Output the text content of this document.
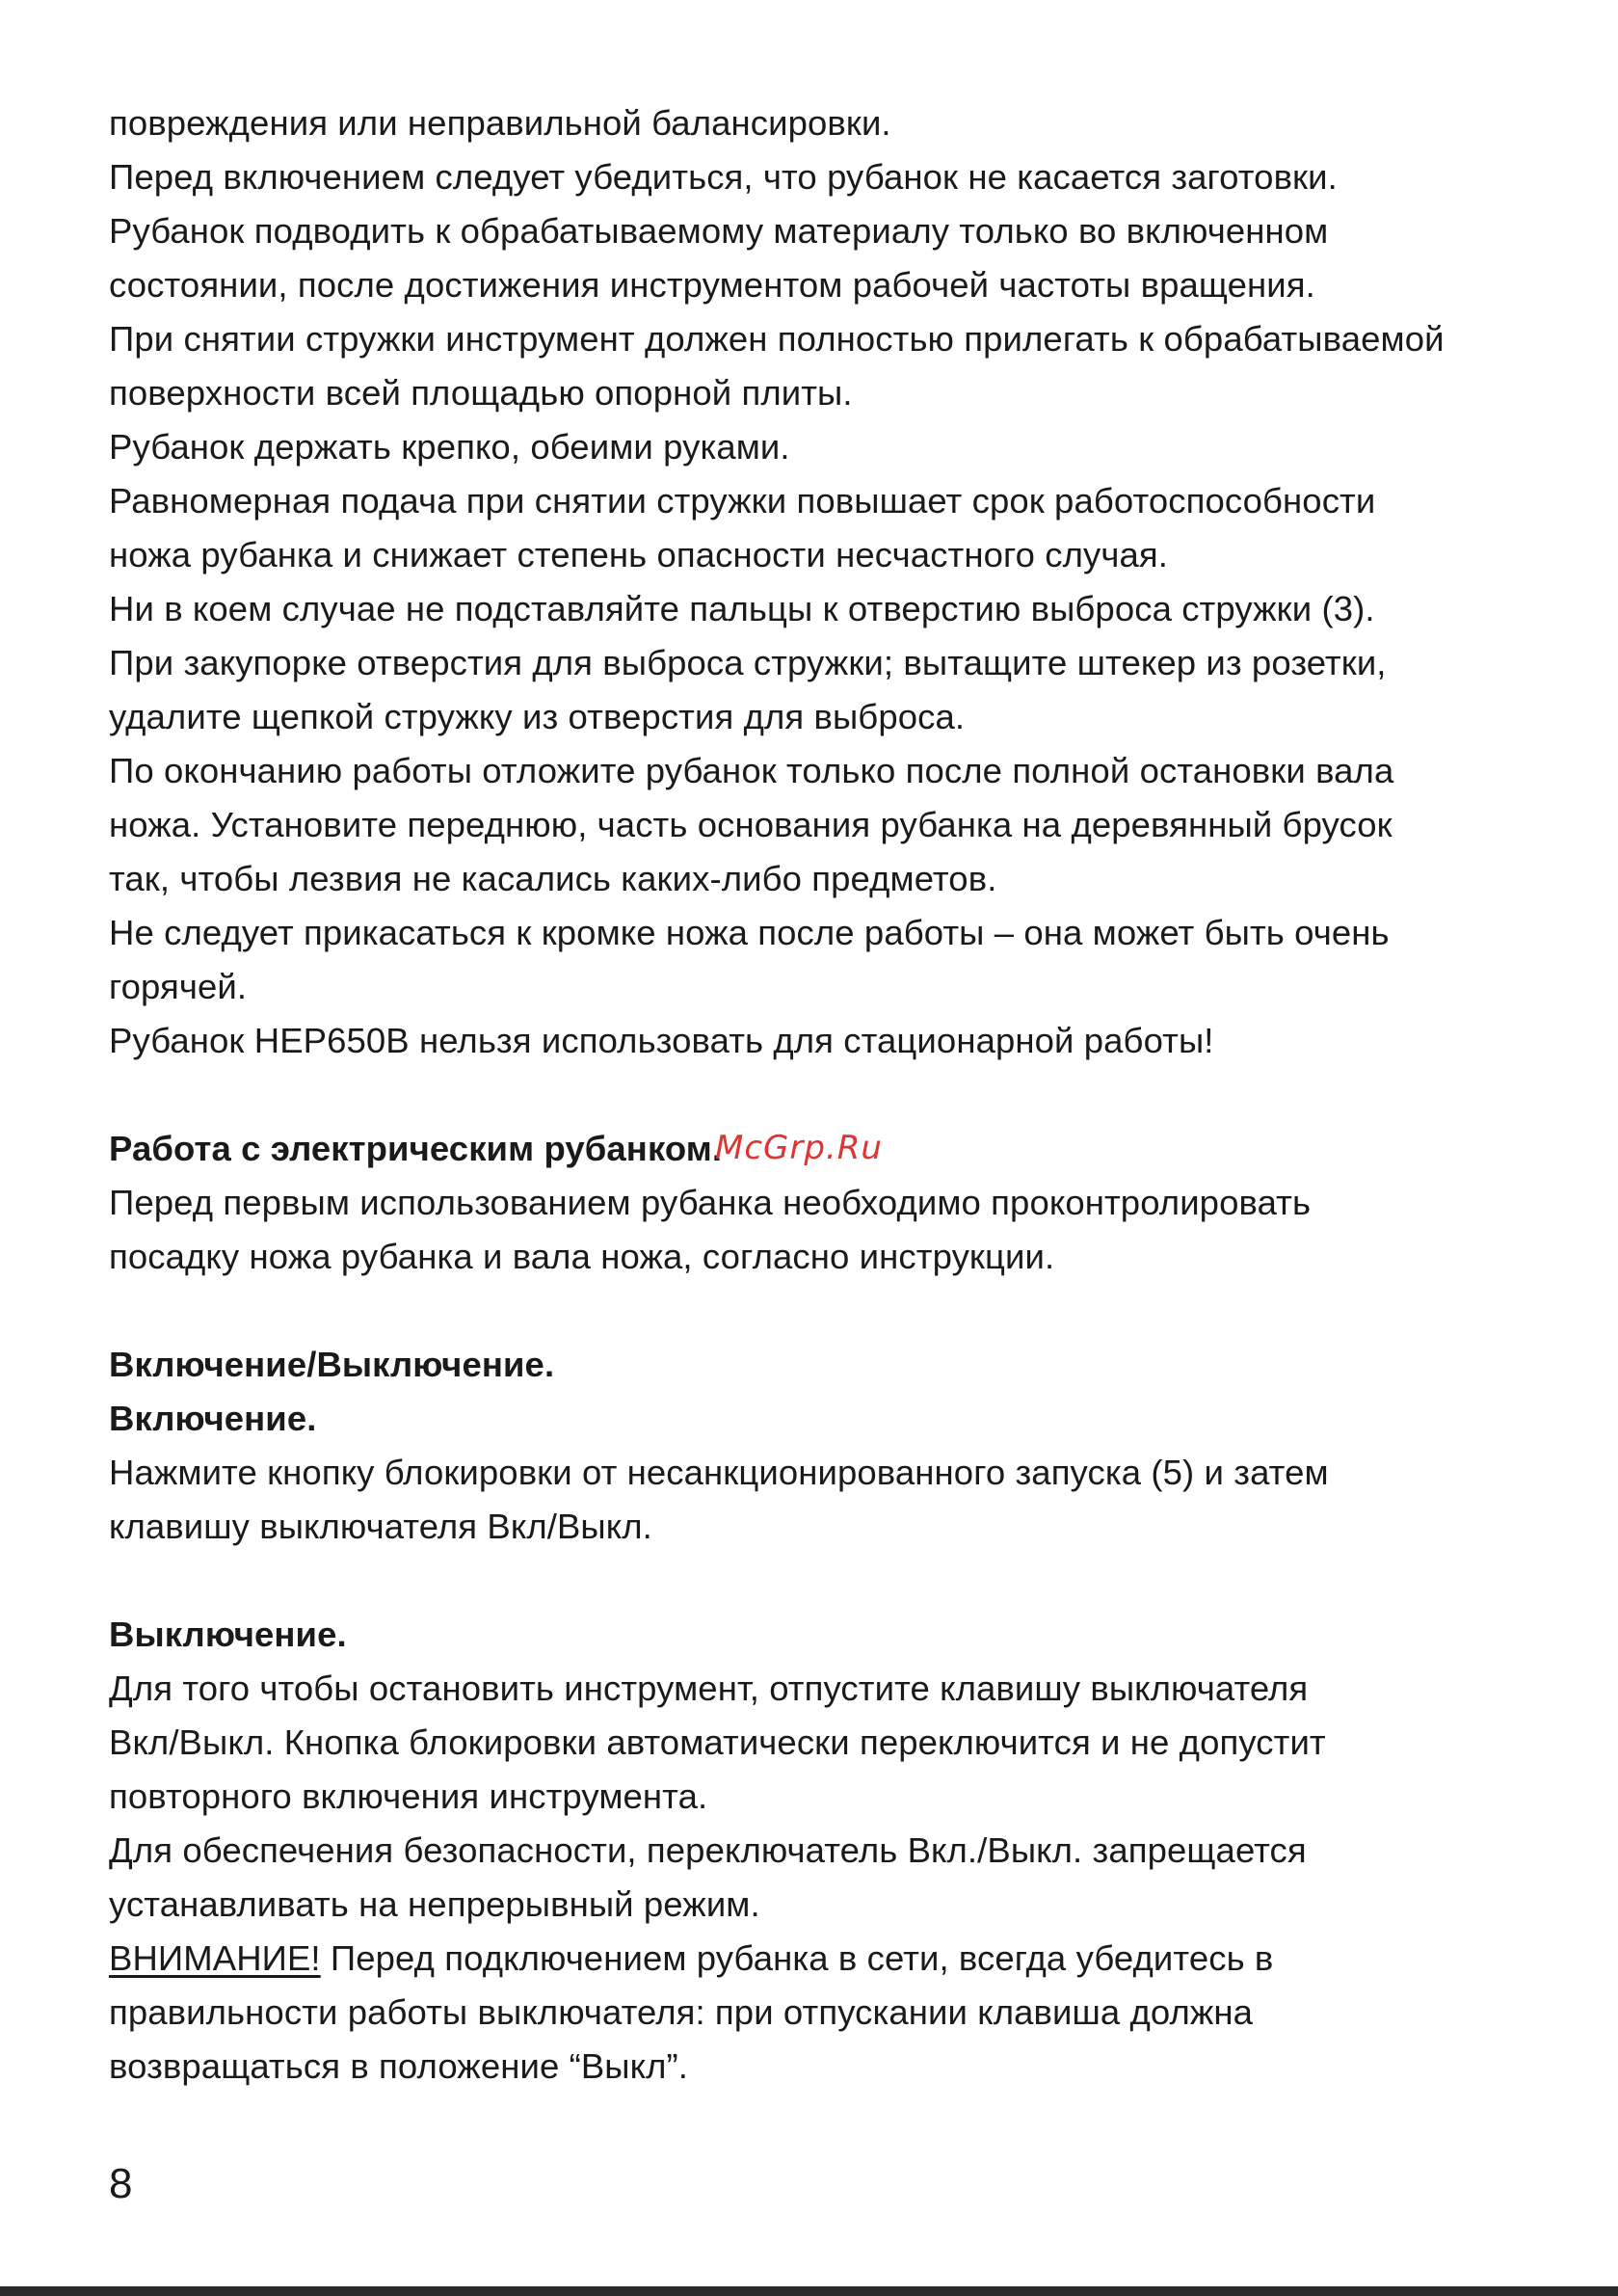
повреждения или неправильной балансировки.
Перед включением следует убедиться, что рубанок не касается заготовки.
Рубанок подводить к обрабатываемому материалу только во включенном
состоянии, после достижения инструментом рабочей частоты вращения.
При снятии стружки инструмент должен полностью прилегать к обрабатываемой
поверхности всей площадью опорной плиты.
Рубанок держать крепко, обеими руками.
Равномерная подача при снятии стружки повышает срок работоспособности
ножа рубанка и снижает степень опасности несчастного случая.
Ни в коем случае не подставляйте пальцы к отверстию выброса стружки (3).
При закупорке отверстия для выброса стружки; вытащите штекер из розетки,
удалите щепкой стружку из отверстия для выброса.
По окончанию работы отложите рубанок только после полной остановки вала
ножа. Установите переднюю, часть основания рубанка на деревянный брусок
так, чтобы лезвия не касались каких-либо предметов.
Не следует прикасаться к кромке ножа после работы – она может быть очень
горячей.
Рубанок HEP650B нельзя использовать для стационарной работы!
Работа с электрическим рубанком.
Перед первым использованием рубанка необходимо проконтролировать
посадку ножа рубанка и вала ножа, согласно инструкции.
Включение/Выключение.
Включение.
Нажмите кнопку блокировки от несанкционированного запуска (5) и затем
клавишу выключателя Вкл/Выкл.
Выключение.
Для того чтобы остановить инструмент, отпустите клавишу выключателя
Вкл/Выкл. Кнопка блокировки автоматически переключится и не допустит
повторного включения инструмента.
Для обеспечения безопасности, переключатель Вкл./Выкл. запрещается
устанавливать на непрерывный режим.
ВНИМАНИЕ! Перед подключением рубанка в сети, всегда убедитесь в
правильности работы выключателя: при отпускании клавиша должна
возвращаться в положение “Выкл”.
McGrp.Ru
8
